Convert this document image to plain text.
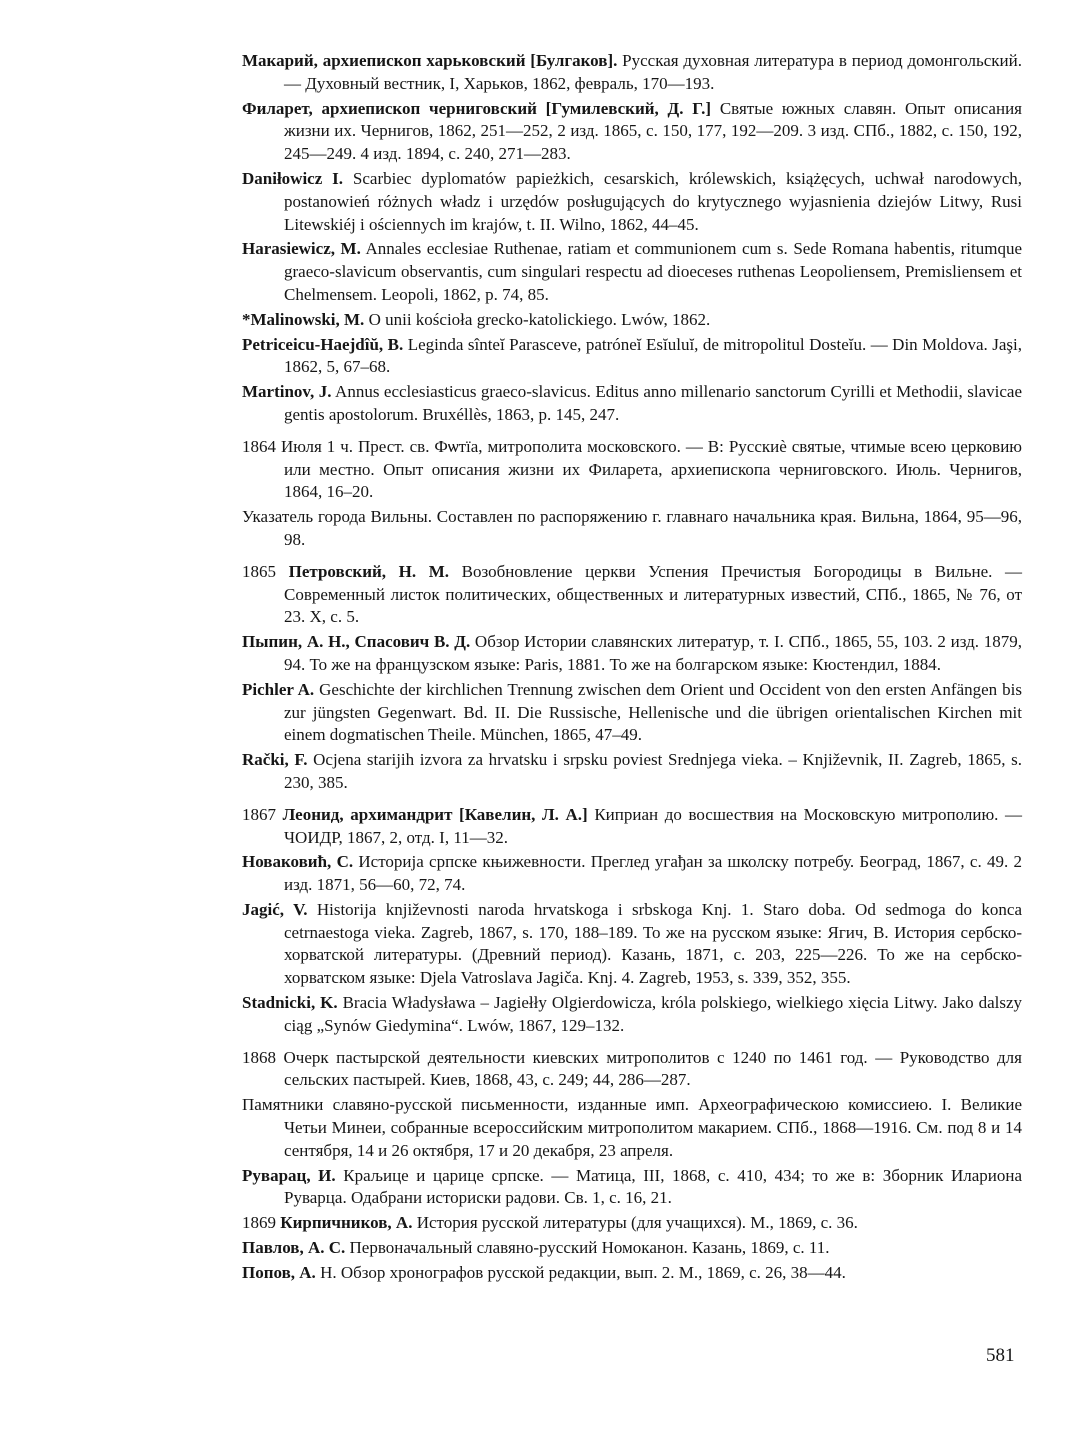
Макарий, архиепископ харьковский [Булгаков]. Русская духовная литература в период домонгольский. — Духовный вестник, I, Харьков, 1862, февраль, 170—193.

Филарет, архиепископ черниговский [Гумилевский, Д. Г.] Святые южных славян. Опыт описания жизни их. Чернигов, 1862, 251—252, 2 изд. 1865, с. 150, 177, 192—209. 3 изд. СПб., 1882, с. 150, 192, 245—249. 4 изд. 1894, с. 240, 271—283.

Daniłowicz I. Scarbiec dyplomatów papieżkich, cesarskich, królewskich, książęcych, uchwał narodowych, postanowień różnych władz i urzędów posługujących do krytycznego wyjasnienia dziejów Litwy, Rusi Litewskiéj i ościennych im krajów, t. II. Wilno, 1862, 44–45.

Harasiewicz, M. Annales ecclesiae Ruthenae, ratiam et communionem cum s. Sede Romana habentis, ritumque graeco-slavicum observantis, cum singulari respectu ad dioeceses ruthenas Leopoliensem, Premisliensem et Chelmensem. Leopoli, 1862, p. 74, 85.

*Malinowski, M. O unii kościoła grecko-katolickiego. Lwów, 1862.

Petriceicu-Haejdîŭ, B. Leginda sînteĭ Parasceve, patróneĭ Esĭuluĭ, de mitropolitul Dosteĭu. — Din Moldova. Jaşi, 1862, 5, 67–68.

Martinov, J. Annus ecclesiasticus graeco-slavicus. Editus anno millenario sanctorum Cyrilli et Methodii, slavicae gentis apostolorum. Bruxéllès, 1863, p. 145, 247.

1864 Июля 1 ч. Прест. св. Фѡтїа, митрополита московского. — В: Русскиѐ святые, чтимые всею церковию или местно. Опыт описания жизни их Филарета, архиепископа черниговского. Июль. Чернигов, 1864, 16–20.

Указатель города Вильны. Составлен по распоряжению г. главнаго начальника края. Вильна, 1864, 95—96, 98.

1865 Петровский, Н. М. Возобновление церкви Успения Пречистыя Богородицы в Вильне. — Современный листок политических, общественных и литературных известий, СПб., 1865, № 76, от 23. X, с. 5.

Пыпин, А. Н., Спасович В. Д. Обзор Истории славянских литератур, т. I. СПб., 1865, 55, 103. 2 изд. 1879, 94. То же на французском языке: Paris, 1881. То же на болгарском языке: Кюстендил, 1884.

Pichler A. Geschichte der kirchlichen Trennung zwischen dem Orient und Occident von den ersten Anfängen bis zur jüngsten Gegenwart. Bd. II. Die Russische, Hellenische und die übrigen orientalischen Kirchen mit einem dogmatischen Theile. München, 1865, 47–49.

Rački, F. Ocjena starijih izvora za hrvatsku i srpsku poviest Srednjega vieka. – Književnik, II. Zagreb, 1865, s. 230, 385.

1867 Леонид, архимандрит [Кавелин, Л. А.] Киприан до восшествия на Московскую митрополию. — ЧОИДР, 1867, 2, отд. I, 11—32.

Новаковић, С. Историја српске књижевности. Преглед угађан за школску потребу. Београд, 1867, с. 49. 2 изд. 1871, 56—60, 72, 74.

Jagić, V. Historija književnosti naroda hrvatskoga i srbskoga Knj. 1. Staro doba. Od sedmoga do konca cetrnaestoga vieka. Zagreb, 1867, s. 170, 188–189. То же на русском языке: Ягич, В. История сербско-хорватской литературы. (Древний период). Казань, 1871, с. 203, 225—226. То же на сербско-хорватском языке: Djela Vatroslava Jagiča. Knj. 4. Zagreb, 1953, s. 339, 352, 355.

Stadnicki, K. Bracia Władysława – Jagiełły Olgierdowicza, króla polskiego, wielkiego xięcia Litwy. Jako dalszy ciąg „Synów Giedymina“. Lwów, 1867, 129–132.

1868 Очерк пастырской деятельности киевских митрополитов с 1240 по 1461 год. — Руководство для сельских пастырей. Киев, 1868, 43, с. 249; 44, 286—287.

Памятники славяно-русской письменности, изданные имп. Археографическою комиссиею. I. Великие Четьи Минеи, собранные всероссийским митрополитом макарием. СПб., 1868—1916. См. под 8 и 14 сентября, 14 и 26 октября, 17 и 20 декабря, 23 апреля.

Руварац, И. Краљице и царице српске. — Матица, III, 1868, с. 410, 434; то же в: Зборник Илариона Руварца. Одабрани историски радови. Св. 1, с. 16, 21.

1869 Кирпичников, А. История русской литературы (для учащихся). М., 1869, с. 36.

Павлов, А. С. Первоначальный славяно-русский Номоканон. Казань, 1869, с. 11.

Попов, А. Н. Обзор хронографов русской редакции, вып. 2. М., 1869, с. 26, 38—44.

581
